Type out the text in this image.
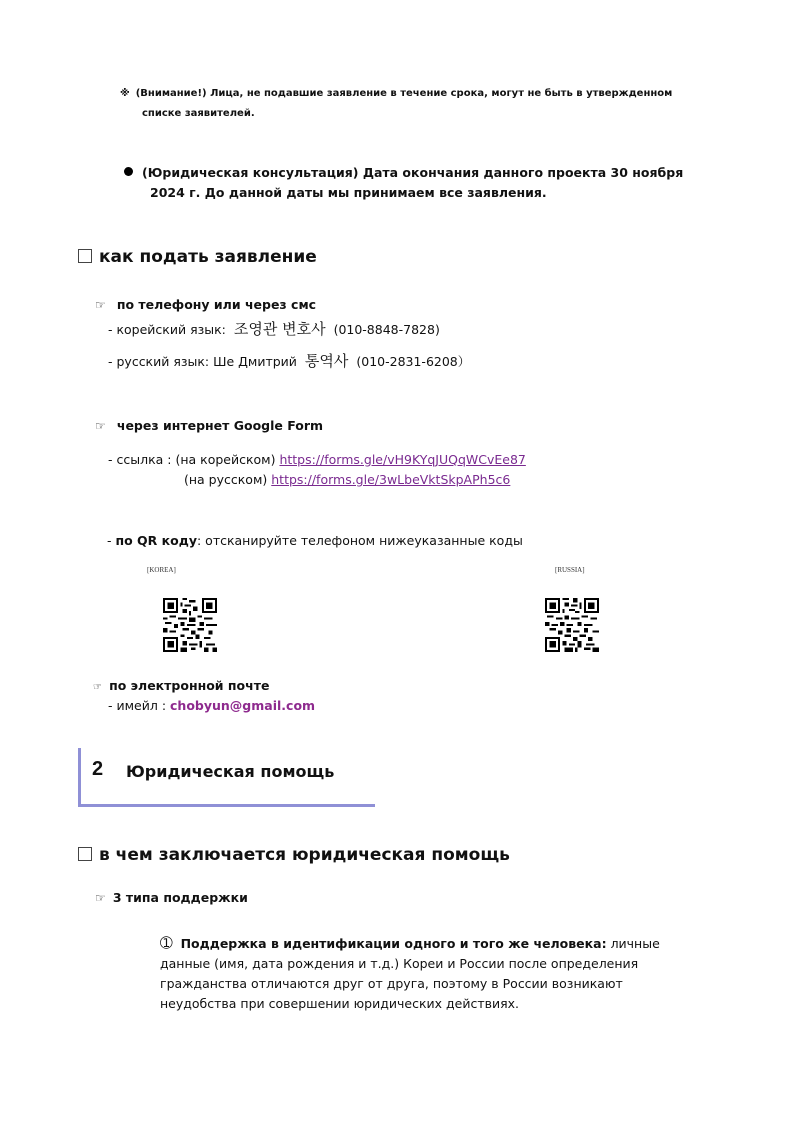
※ (Внимание!) Лица, не подавшие заявление в течение срока, могут не быть в утвержденном
списке заявителей.
(Юридическая консультация) Дата окончания данного проекта 30 ноября
2024 г. До данной даты мы принимаем все заявления.
как подать заявление
☞ по телефону или через смс
- корейский язык: 조영관 변호사 (010-8848-7828)
- русский язык: Ше Дмитрий 통역사 (010-2831-6208）
☞ через интернет Google Form
- ссылка : (на корейском) https://forms.gle/vH9KYqJUQqWCvEe87
(на русском) https://forms.gle/3wLbeVktSkpAPh5c6
- по QR коду: отсканируйте телефоном нижеуказанные коды
[KOREA]	[RUSSIA]
☞ по электронной почте
- имейл : chobyun@gmail.com
2 Юридическая помощь
в чем заключается юридическая помощь
☞ 3 типа поддержки
➀ Поддержка в идентификации одного и того же человека: личные
данные (имя, дата рождения и т.д.) Кореи и России после определения
гражданства отличаются друг от друга, поэтому в России возникают
неудобства при совершении юридических действиях.
